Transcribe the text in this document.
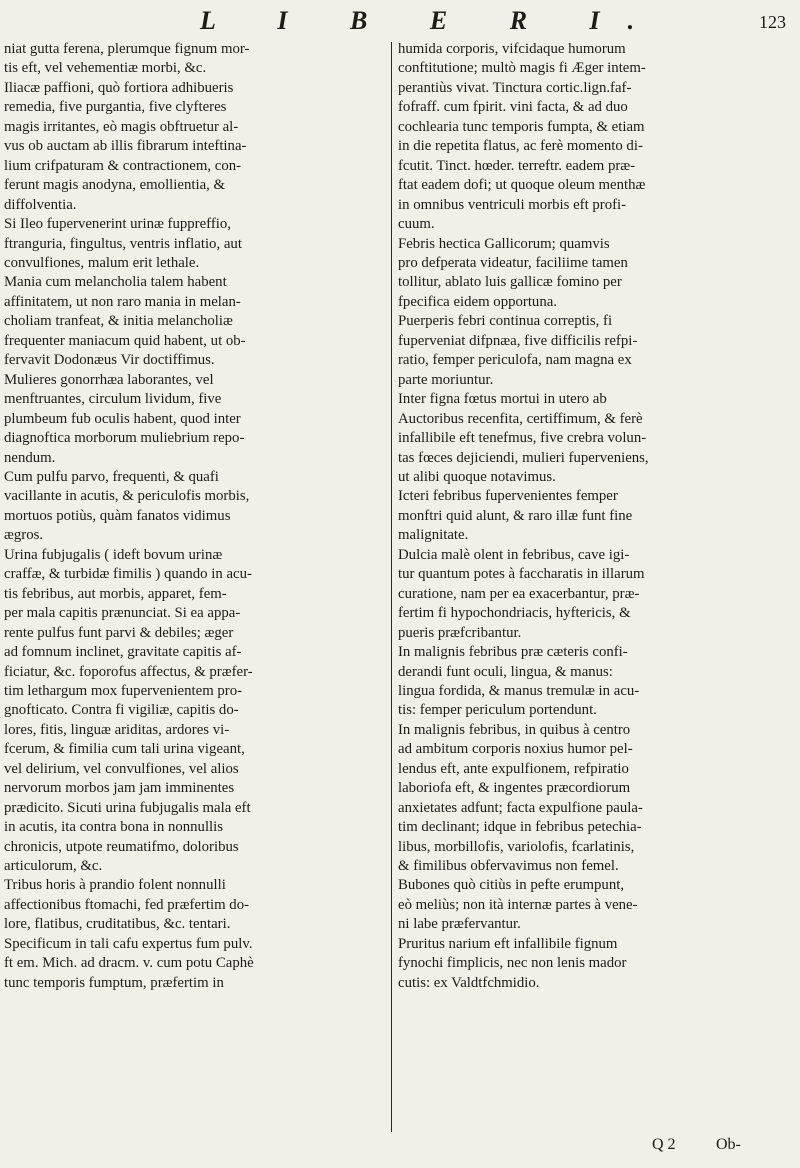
L I B E R I.	123
niat gutta ferena, plerumque fignum mor-
tis eft, vel vehementiæ morbi, &c.
Iliacæ paffioni, quò fortiora adhibueris
remedia, five purgantia, five clyfteres
magis irritantes, eò magis obftruetur al-
vus ob auctam ab illis fibrarum inteftina-
lium crifpaturam & contractionem, con-
ferunt magis anodyna, emollientia, &
diffolventia.
Si Ileo fupervenerint urinæ fuppreffio,
ftranguria, fingultus, ventris inflatio, aut
convulfiones, malum erit lethale.
Mania cum melancholia talem habent
affinitatem, ut non raro mania in melan-
choliam tranfeat, & initia melancholiæ
frequenter maniacum quid habent, ut ob-
fervavit Dodonæus Vir doctiffimus.
Mulieres gonorrhæa laborantes, vel
menftruantes, circulum lividum, five
plumbeum fub oculis habent, quod inter
diagnoftica morborum muliebrium repo-
nendum.
Cum pulfu parvo, frequenti, & quafi
vacillante in acutis, & periculofis morbis,
mortuos potiùs, quàm fanatos vidimus
ægros.
Urina fubjugalis ( ideft bovum urinæ
craffæ, & turbidæ fimilis ) quando in acu-
tis febribus, aut morbis, apparet, fem-
per mala capitis prænunciat. Si ea appa-
rente pulfus funt parvi & debiles; æger
ad fomnum inclinet, gravitate capitis af-
ficiatur, &c. foporofus affectus, & præfer-
tim lethargum mox fupervenientem pro-
gnofticato. Contra fi vigiliæ, capitis do-
lores, fitis, linguæ ariditas, ardores vi-
fcerum, & fimilia cum tali urina vigeant,
vel delirium, vel convulfiones, vel alios
nervorum morbos jam jam imminentes
prædicito. Sicuti urina fubjugalis mala eft
in acutis, ita contra bona in nonnullis
chronicis, utpote reumatifmo, doloribus
articulorum, &c.
Tribus horis à prandio folent nonnulli
affectionibus ftomachi, fed præfertim do-
lore, flatibus, cruditatibus, &c. tentari.
Specificum in tali cafu expertus fum pulv.
ft em. Mich. ad dracm. v. cum potu Caphè
tunc temporis fumptum, præfertim in
humida corporis, vifcidaque humorum
conftitutione; multò magis fi Æger intem-
perantiùs vivat. Tinctura cortic.lign.faf-
fofraff. cum fpirit. vini facta, & ad duo
cochlearia tunc temporis fumpta, & etiam
in die repetita flatus, ac ferè momento di-
fcutit. Tinct. hœder. terreftr. eadem præ-
ftat eadem dofi; ut quoque oleum menthæ
in omnibus ventriculi morbis eft profi-
cuum.
Febris hectica Gallicorum; quamvis
pro defperata videatur, faciliime tamen
tollitur, ablato luis gallicæ fomino per
fpecifica eidem opportuna.
Puerperis febri continua correptis, fi
fuperveniat difpnæa, five difficilis refpi-
ratio, femper periculofa, nam magna ex
parte moriuntur.
Inter figna fœtus mortui in utero ab
Auctoribus recenfita, certiffimum, & ferè
infallibile eft tenefmus, five crebra volun-
tas fœces dejiciendi, mulieri fuperveniens,
ut alibi quoque notavimus.
Icteri febribus fupervenientes femper
monftri quid alunt, & raro illæ funt fine
malignitate.
Dulcia malè olent in febribus, cave igi-
tur quantum potes à faccharatis in illarum
curatione, nam per ea exacerbantur, præ-
fertim fi hypochondriacis, hyftericis, &
pueris præfcribantur.
In malignis febribus præ cæteris confi-
derandi funt oculi, lingua, & manus:
lingua fordida, & manus tremulæ in acu-
tis: femper periculum portendunt.
In malignis febribus, in quibus à centro
ad ambitum corporis noxius humor pel-
lendus eft, ante expulfionem, refpiratio
laboriofa eft, & ingentes præcordiorum
anxietates adfunt; facta expulfione paula-
tim declinant; idque in febribus petechia-
libus, morbillofis, variolofis, fcarlatinis,
& fimilibus obfervavimus non femel.
Bubones quò citiùs in pefte erumpunt,
eò meliùs; non ità internæ partes à vene-
ni labe præfervantur.
Pruritus narium eft infallibile fignum
fynochi fimplicis, nec non lenis mador
cutis: ex Valdtfchmidio.
Q 2	Ob-
